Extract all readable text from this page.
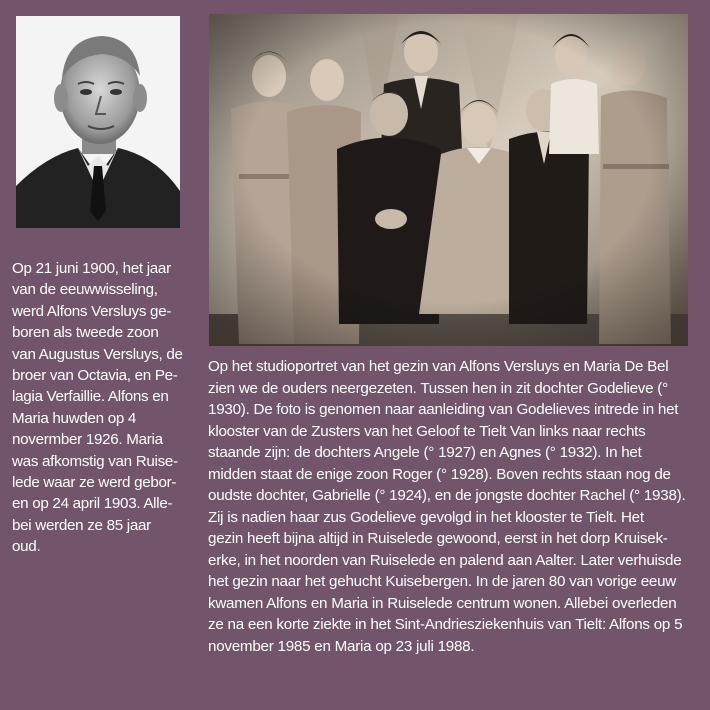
Op 21 juni 1900, het jaar
van de eeuwwisseling,
werd Alfons Versluys ge-
boren als tweede zoon
van Augustus Versluys, de
broer van Octavia, en Pe-
lagia Verfaillie. Alfons en
Maria huwden op 4
novermber 1926. Maria
was afkomstig van Ruise-
lede waar ze werd gebor-
en op 24 april 1903. Alle-
bei werden ze 85 jaar
oud.

Op het studioportret van het gezin van Alfons Versluys en Maria De Bel
zien we de ouders neergezeten. Tussen hen in zit dochter Godelieve (°
1930). De foto is genomen naar aanleiding van Godelieves intrede in het
klooster van de Zusters van het Geloof te Tielt Van links naar rechts
staande zijn: de dochters Angele (° 1927) en Agnes (° 1932). In het
midden staat de enige zoon Roger (° 1928). Boven rechts staan nog de
oudste dochter, Gabrielle (° 1924), en de jongste dochter Rachel (° 1938).
Zij is nadien haar zus Godelieve gevolgd in het klooster te Tielt. Het
gezin heeft bijna altijd in Ruiselede gewoond, eerst in het dorp Kruisek-
erke, in het noorden van Ruiselede en palend aan Aalter. Later verhuisde
het gezin naar het gehucht Kuisebergen. In de jaren 80 van vorige eeuw
kwamen Alfons en Maria in Ruiselede centrum wonen. Allebei overleden
ze na een korte ziekte in het Sint-Andriesziekenhuis van Tielt: Alfons op 5
november 1985 en Maria op 23 juli 1988.
